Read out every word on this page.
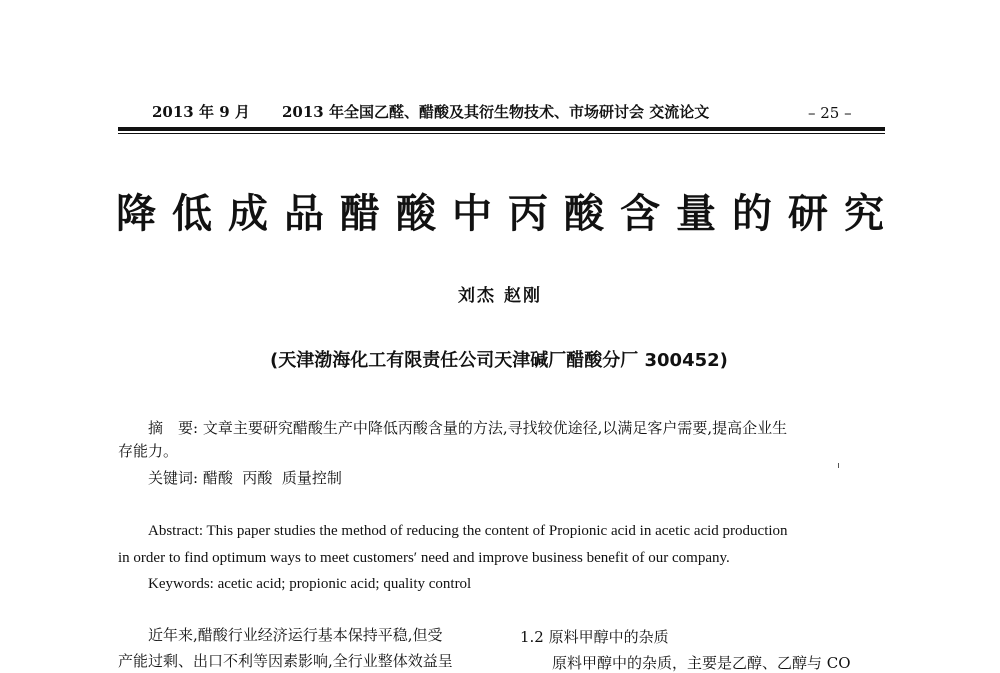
2013 年 9 月 2013 年全国乙醛、醋酸及其衍生物技术、市场研讨会 交流论文	– 25 –
降低成品醋酸中丙酸含量的研究
刘杰 赵刚
(天津渤海化工有限责任公司天津碱厂醋酸分厂 300452)
摘　要: 文章主要研究醋酸生产中降低丙酸含量的方法,寻找较优途径,以满足客户需要,提高企业生
存能力。
关键词: 醋酸  丙酸  质量控制
Abstract: This paper studies the method of reducing the content of Propionic acid in acetic acid production
in order to find optimum ways to meet customers′ need and improve business benefit of our company.
Keywords: acetic acid; propionic acid; quality control
近年来,醋酸行业经济运行基本保持平稳,但受
产能过剩、出口不利等因素影响,全行业整体效益呈
1.2 原料甲醇中的杂质
原料甲醇中的杂质，主要是乙醇、乙醇与 CO
